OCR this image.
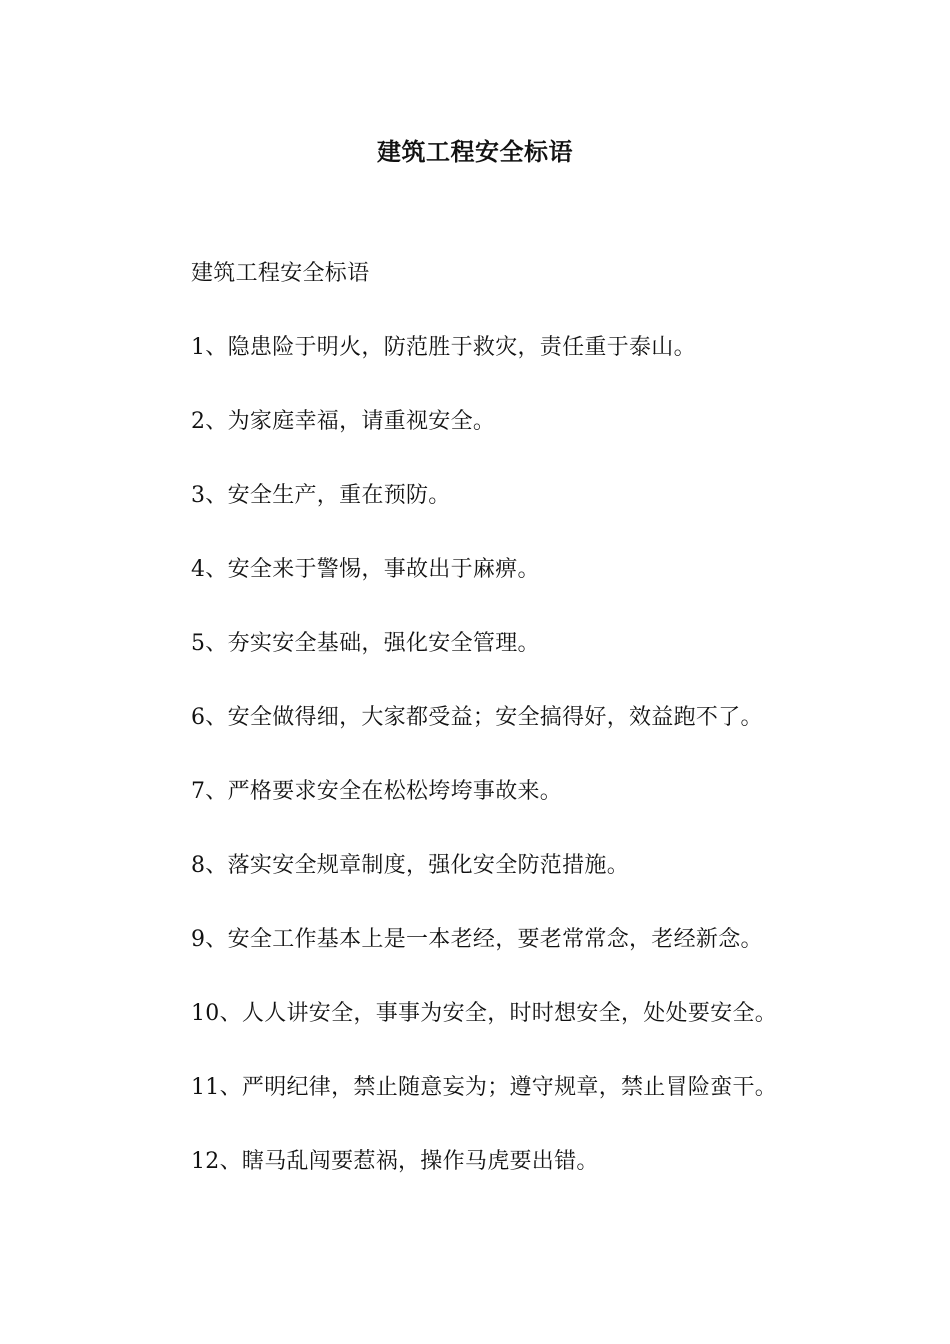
建筑工程安全标语

建筑工程安全标语

1、隐患险于明火，防范胜于救灾，责任重于泰山。

2、为家庭幸福，请重视安全。

3、安全生产，重在预防。

4、安全来于警惕，事故出于麻痹。

5、夯实安全基础，强化安全管理。

6、安全做得细，大家都受益；安全搞得好，效益跑不了。

7、严格要求安全在松松垮垮事故来。

8、落实安全规章制度，强化安全防范措施。

9、安全工作基本上是一本老经，要老常常念，老经新念。

10、人人讲安全，事事为安全，时时想安全，处处要安全。

11、严明纪律，禁止随意妄为；遵守规章，禁止冒险蛮干。

12、瞎马乱闯要惹祸，操作马虎要出错。
